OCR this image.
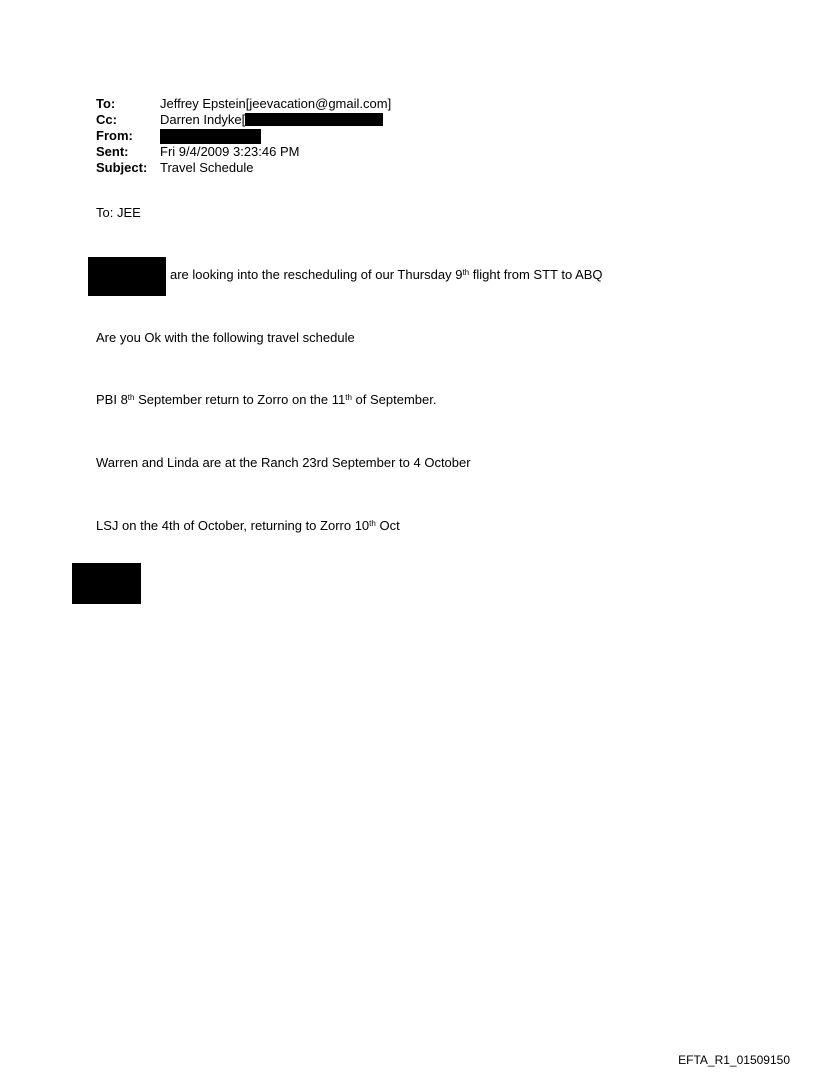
To:	Jeffrey Epstein[jeevacation@gmail.com]
Cc:	Darren Indyke[
From:
Sent: Fri 9/4/2009 3:23:46 PM
Subject: Travel Schedule
To: JEE
are looking into the rescheduling of our Thursday 9th flight from STT to ABQ
Are you Ok with the following travel schedule
PBI 8th September return to Zorro on the 11th of September.
Warren and Linda are at the Ranch 23rd September to 4 October
LSJ on the 4th of October, returning to Zorro 10th Oct
EFTA_R1_01509150
